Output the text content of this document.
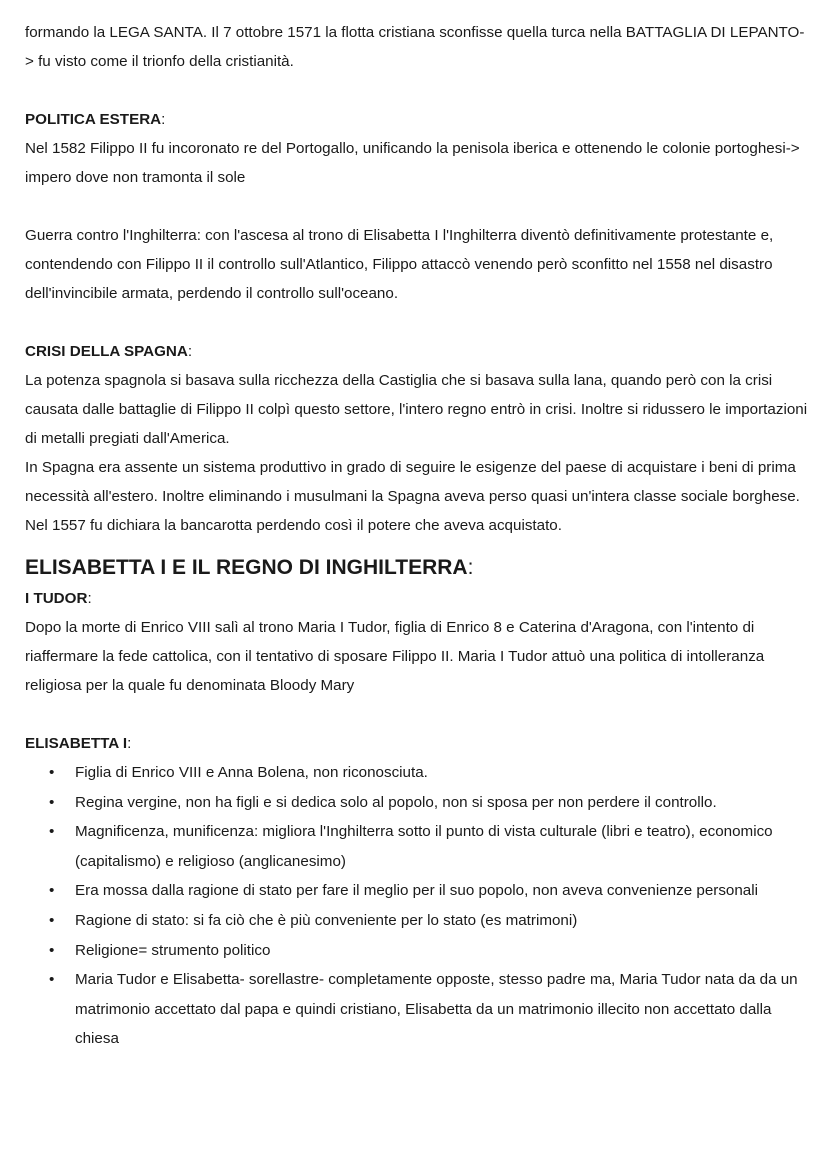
formando la LEGA SANTA. Il 7 ottobre 1571 la flotta cristiana sconfisse quella turca nella BATTAGLIA DI LEPANTO-> fu visto come il trionfo della cristianità.

POLITICA ESTERA:

Nel 1582 Filippo II fu incoronato re del Portogallo, unificando la penisola iberica e ottenendo le colonie portoghesi-> impero dove non tramonta il sole

Guerra contro l'Inghilterra: con l'ascesa al trono di Elisabetta I l'Inghilterra diventò definitivamente protestante e, contendendo con Filippo II il controllo sull'Atlantico, Filippo attaccò venendo però sconfitto nel 1558 nel disastro dell'invincibile armata, perdendo il controllo sull'oceano.

CRISI DELLA SPAGNA:

La potenza spagnola si basava sulla ricchezza della Castiglia che si basava sulla lana, quando però con la crisi causata dalle battaglie di Filippo II colpì questo settore, l'intero regno entrò in crisi. Inoltre si ridussero le importazioni di metalli pregiati dall'America.

In Spagna era assente un sistema produttivo in grado di seguire le esigenze del paese di acquistare i beni di prima necessità all'estero. Inoltre eliminando i musulmani la Spagna aveva perso quasi un'intera classe sociale borghese. Nel 1557 fu dichiara la bancarotta perdendo così il potere che aveva acquistato.

ELISABETTA I E IL REGNO DI INGHILTERRA:
I TUDOR:

Dopo la morte di Enrico VIII salì al trono Maria I Tudor, figlia di Enrico 8 e Caterina d'Aragona, con l'intento di riaffermare la fede cattolica, con il tentativo di sposare Filippo II. Maria I Tudor attuò una politica di intolleranza religiosa per la quale fu denominata Bloody Mary

ELISABETTA I:
• Figlia di Enrico VIII e Anna Bolena, non riconosciuta.
• Regina vergine, non ha figli e si dedica solo al popolo, non si sposa per non perdere il controllo.
• Magnificenza, munificenza: migliora l'Inghilterra sotto il punto di vista culturale (libri e teatro), economico (capitalismo) e religioso (anglicanesimo)
• Era mossa dalla ragione di stato per fare il meglio per il suo popolo, non aveva convenienze personali
• Ragione di stato: si fa ciò che è più conveniente per lo stato (es matrimoni)
• Religione= strumento politico
• Maria Tudor e Elisabetta- sorellastre- completamente opposte, stesso padre ma, Maria Tudor nata da da un matrimonio accettato dal papa e quindi cristiano, Elisabetta da un matrimonio illecito non accettato dalla chiesa
